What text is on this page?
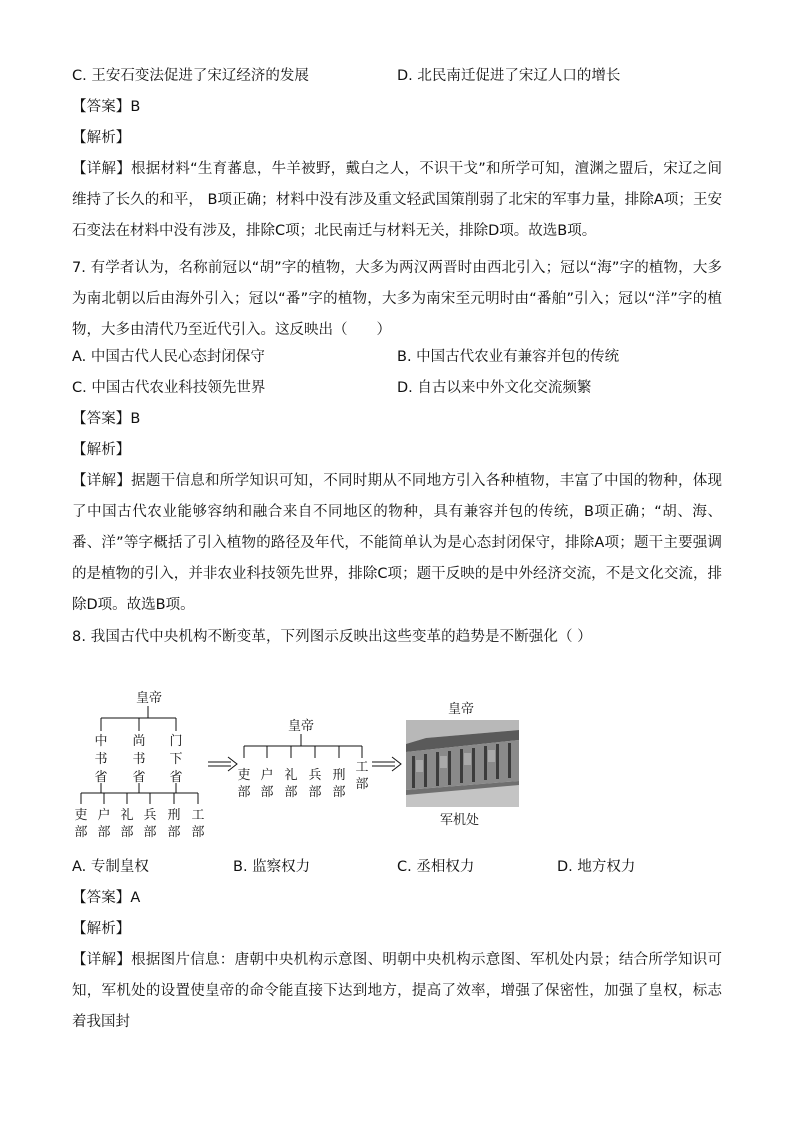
C. 王安石变法促进了宋辽经济的发展	D. 北民南迁促进了宋辽人口的增长
【答案】B
【解析】
【详解】根据材料“生育蕃息，牛羊被野，戴白之人，不识干戈”和所学可知，澶渊之盟后，宋辽之间维持了长久的和平， B项正确；材料中没有涉及重文轻武国策削弱了北宋的军事力量，排除A项；王安石变法在材料中没有涉及，排除C项；北民南迁与材料无关，排除D项。故选B项。
7. 有学者认为，名称前冠以“胡”字的植物，大多为两汉两晋时由西北引入；冠以“海”字的植物，大多为南北朝以后由海外引入；冠以“番”字的植物，大多为南宋至元明时由“番舶”引入；冠以“洋”字的植物，大多由清代乃至近代引入。这反映出（　　）
A. 中国古代人民心态封闭保守	B. 中国古代农业有兼容并包的传统
C. 中国古代农业科技领先世界	D. 自古以来中外文化交流频繁
【答案】B
【解析】
【详解】据题干信息和所学知识可知，不同时期从不同地方引入各种植物，丰富了中国的物种，体现了中国古代农业能够容纳和融合来自不同地区的物种，具有兼容并包的传统，B项正确；“胡、海、番、洋”等字概括了引入植物的路径及年代，不能简单认为是心态封闭保守，排除A项；题干主要强调的是植物的引入，并非农业科技领先世界，排除C项；题干反映的是中外经济交流，不是文化交流，排除D项。故选B项。
8. 我国古代中央机构不断变革，下列图示反映出这些变革的趋势是不断强化（ ）
皇帝
中
书
省
尚
书
省
门
下
省
吏
部
户
部
礼
部
兵
部
刑
部
工
部
皇帝
吏
部
户
部
礼
部
兵
部
刑
部
工
部
皇帝
军机处
A. 专制皇权	B. 监察权力	C. 丞相权力	D. 地方权力
【答案】A
【解析】
【详解】根据图片信息：唐朝中央机构示意图、明朝中央机构示意图、军机处内景；结合所学知识可知，军机处的设置使皇帝的命令能直接下达到地方，提高了效率，增强了保密性，加强了皇权，标志着我国封
